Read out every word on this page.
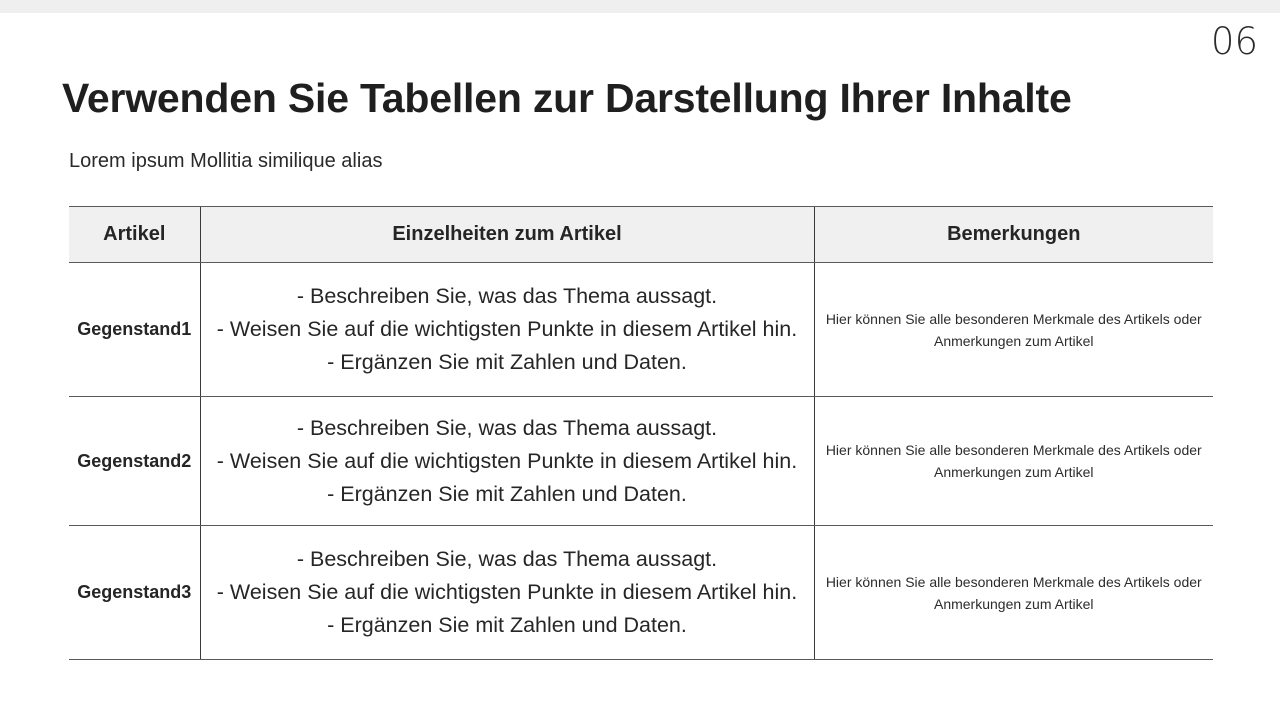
06
Verwenden Sie Tabellen zur Darstellung Ihrer Inhalte

Lorem ipsum Mollitia similique alias

Artikel	Einzelheiten zum Artikel	Bemerkungen
Gegenstand1	- Beschreiben Sie, was das Thema aussagt.
- Weisen Sie auf die wichtigsten Punkte in diesem Artikel hin.
- Ergänzen Sie mit Zahlen und Daten.	Hier können Sie alle besonderen Merkmale des Artikels oder Anmerkungen zum Artikel
Gegenstand2	- Beschreiben Sie, was das Thema aussagt.
- Weisen Sie auf die wichtigsten Punkte in diesem Artikel hin.
- Ergänzen Sie mit Zahlen und Daten.	Hier können Sie alle besonderen Merkmale des Artikels oder Anmerkungen zum Artikel
Gegenstand3	- Beschreiben Sie, was das Thema aussagt.
- Weisen Sie auf die wichtigsten Punkte in diesem Artikel hin.
- Ergänzen Sie mit Zahlen und Daten.	Hier können Sie alle besonderen Merkmale des Artikels oder Anmerkungen zum Artikel
